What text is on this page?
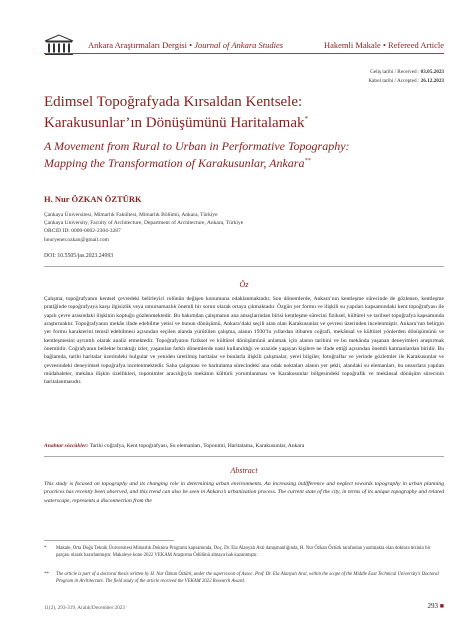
Ankara Araştırmaları Dergisi • Journal of Ankara Studies	Hakemli Makale • Refereed Article
Geliş tarihi / Received : 03.05.2023
Kabul tarihi / Accepted : 26.12.2023
Edimsel Topoğrafyada Kırsaldan Kentsele:
Karakusunlar’ın Dönüşümünü Haritalamak*
A Movement from Rural to Urban in Performative Topography:
Mapping the Transformation of Karakusunlar, Ankara**
H. Nur ÖZKAN ÖZTÜRK
Çankaya Üniversitesi, Mimarlık Fakültesi, Mimarlık Bölümü, Ankara, Türkiye
Çankaya University, Faculty of Architecture, Department of Architecture, Ankara, Türkiye
ORCID ID: 0000-0002-2304-3287
hnuryener.ozkan@gmail.com
DOI: 10.5505/jas.2023.24993
Öz

Çalışma, topoğrafyanın kentsel çevredeki belirleyici rolünün değişen konumuna odaklanmaktadır. Son dönemlerde, Ankara’nın kentleşme sürecinde de gözlenen, kentleşme pratiğinde topoğrafyaya karşı ilgisizlik veya umursamazlık önemli bir sorun olarak ortaya çıkmaktadır. Özgün yer formu ve ilişkili su yapıları kapsamındaki kent topoğrafyası ile yapılı çevre arasındaki ilişkinin koptuğu gözlenmektedir. Bu bakımdan çalışmanın ana amaçlarından birisi kentleşme sürecini fiziksel, kültürel ve tarihsel topoğrafya kapsamında araştırmaktır. Topoğrafyanın mekân ifade edebilme yetisi ve bunun dönüşümü, Ankara’daki seçili alan olan Karakusunlar ve çevresi üzerinden incelenmiştir. Ankara’nın belirgin yer formu karakterini temsil edebilmesi açısından seçilen alanda yürütülen çalışma, alanın 1930’lu yıllardan itibaren coğrafi, mekânsal ve kültürel yönlerden dönüşümünü ve kentleşmesini ayrıntılı olarak analiz etmektedir. Topoğrafyanın fiziksel ve kültürel dönüşümünü anlamak için alanın tarihini ve bu mekânda yaşanan deneyimleri araştırmak önemlidir. Coğrafyanın bellekte bıraktığı izler, yaşanılan farklı dönemlerde nasıl kullanıldığı ve arazide yaşayan kişilere ne ifade ettiği açısından önemli katmanlardan biridir. Bu bağlamda, tarihi haritalar üzerindeki bulgular ve yeniden üretilmiş haritalar ve bunlarla ilişkili çalışmalar, yerel bilgiler, fotoğraflar ve yerinde gözlemler ile Karakusunlar ve çevresindeki deneyimsel topoğrafya incelenmektedir. Saha çalışması ve haritalama sürecindeki ana odak noktaları alanın yer şekli, alandaki su elemanları, bu unsurlara yapılan müdahaleler, mekâna ilişkin özellikleri, toponimler aracılığıyla mekânın kültürü yorumlanması ve Karakusunlar bölgesindeki topoğrafik ve mekânsal dönüşüm sürecinin haritalanmasıdır.

Anahtar sözcükler: Tarihi coğrafya, Kent topoğrafyası, Su elemanları, Toponimi, Haritalama, Karakusunlar, Ankara
Abstract

This study is focused on topography and its changing role in determining urban environments. An increasing indifference and neglect towards topography in urban planning practices has recently been observed, and this trend can also be seen in Ankara’s urbanization process. The current state of the city, in terms of its unique topography and related waterscape, represents a disconnection from the

*	Makale, Orta Doğu Teknik Üniversitesi Mimarlık Doktora Programı kapsamında, Doç. Dr. Ela Alanyalı Aral danışmanlığında, H. Nur Özkan Öztürk tarafından yazılmakta olan doktora tezinin bir parçası olarak hazırlanmıştır. Makaleye konu 2022 VEKAM Araştırma Ödülünü almaya hak kazanmıştır.
**	The article is part of a doctoral thesis written by H. Nur Özkan Öztürk, under the supervision of Assoc. Prof. Dr. Ela Alanyalı Aral, within the scope of the Middle East Technical University’s Doctoral Program in Architecture. The field study of the article received the VEKAM 2022 Research Award.
11(2), 293-319, Aralık/December 2023	293 ■
